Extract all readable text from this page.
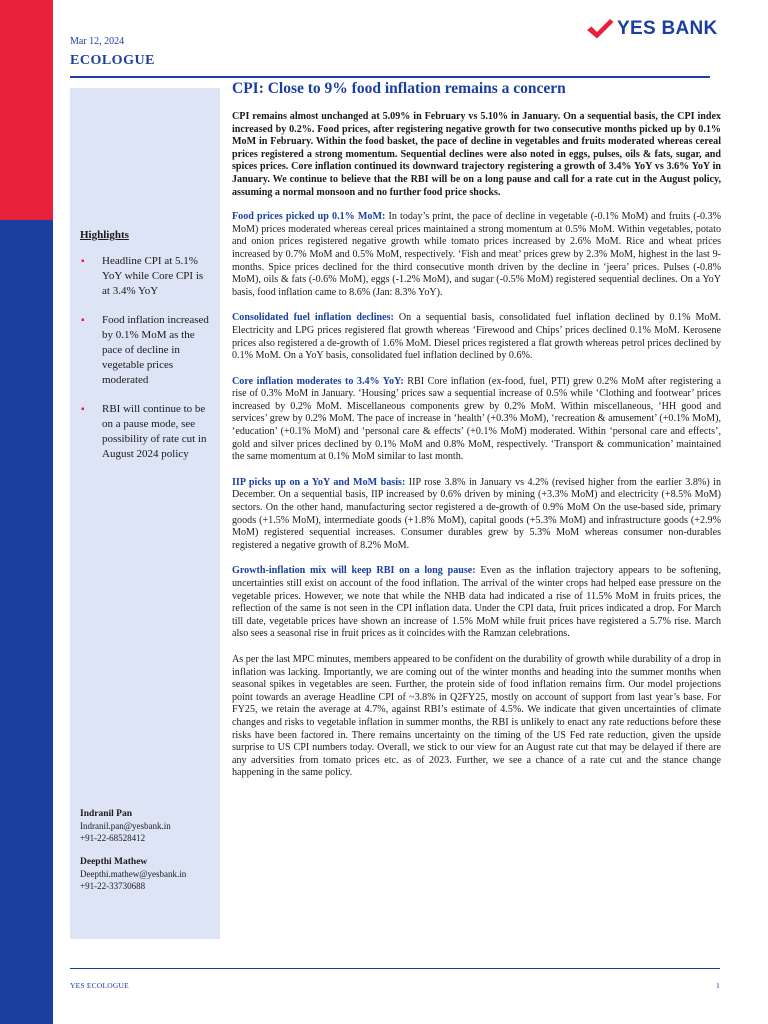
Mar 12, 2024
ECOLOGUE
YES BANK
CPI: Close to 9% food inflation remains a concern
Highlights
▪ Headline CPI at 5.1% YoY while Core CPI is at 3.4% YoY
▪ Food inflation increased by 0.1% MoM as the pace of decline in vegetable prices moderated
▪ RBI will continue to be on a pause mode, see possibility of rate cut in August 2024 policy
Indranil Pan
Indranil.pan@yesbank.in
+91-22-68528412
Deepthi Mathew
Deepthi.mathew@yesbank.in
+91-22-33730688

CPI remains almost unchanged at 5.09% in February vs 5.10% in January. On a sequential basis, the CPI index increased by 0.2%. Food prices, after registering negative growth for two consecutive months picked up by 0.1% MoM in February. Within the food basket, the pace of decline in vegetables and fruits moderated whereas cereal prices registered a strong momentum. Sequential declines were also noted in eggs, pulses, oils & fats, sugar, and spices prices. Core inflation continued its downward trajectory registering a growth of 3.4% YoY vs 3.6% YoY in January. We continue to believe that the RBI will be on a long pause and call for a rate cut in the August policy, assuming a normal monsoon and no further food price shocks.

Food prices picked up 0.1% MoM: In today’s print, the pace of decline in vegetable (-0.1% MoM) and fruits (-0.3% MoM) prices moderated whereas cereal prices maintained a strong momentum at 0.5% MoM. Within vegetables, potato and onion prices registered negative growth while tomato prices increased by 2.6% MoM. Rice and wheat prices increased by 0.7% MoM and 0.5% MoM, respectively. ‘Fish and meat’ prices grew by 2.3% MoM, highest in the last 9-months. Spice prices declined for the third consecutive month driven by the decline in ‘jeera’ prices. Pulses (-0.8% MoM), oils & fats (-0.6% MoM), eggs (-1.2% MoM), and sugar (-0.5% MoM) registered sequential declines. On a YoY basis, food inflation came to 8.6% (Jan: 8.3% YoY).

Consolidated fuel inflation declines: On a sequential basis, consolidated fuel inflation declined by 0.1% MoM. Electricity and LPG prices registered flat growth whereas ‘Firewood and Chips’ prices declined 0.1% MoM. Kerosene prices also registered a de-growth of 1.6% MoM. Diesel prices registered a flat growth whereas petrol prices declined by 0.1% MoM. On a YoY basis, consolidated fuel inflation declined by 0.6%.

Core inflation moderates to 3.4% YoY: RBI Core inflation (ex-food, fuel, PTI) grew 0.2% MoM after registering a rise of 0.3% MoM in January. ‘Housing’ prices saw a sequential increase of 0.5% while ‘Clothing and footwear’ prices increased by 0.2% MoM. Miscellaneous components grew by 0.2% MoM. Within miscellaneous, ‘HH good and services’ grew by 0.2% MoM. The pace of increase in ‘health’ (+0.3% MoM), ‘recreation & amusement’ (+0.1% MoM), ‘education’ (+0.1% MoM) and ‘personal care & effects’ (+0.1% MoM) moderated. Within ‘personal care and effects’, gold and silver prices declined by 0.1% MoM and 0.8% MoM, respectively. ‘Transport & communication’ maintained the same momentum at 0.1% MoM similar to last month.

IIP picks up on a YoY and MoM basis: IIP rose 3.8% in January vs 4.2% (revised higher from the earlier 3.8%) in December. On a sequential basis, IIP increased by 0.6% driven by mining (+3.3% MoM) and electricity (+8.5% MoM) sectors. On the other hand, manufacturing sector registered a de-growth of 0.9% MoM On the use-based side, primary goods (+1.5% MoM), intermediate goods (+1.8% MoM), capital goods (+5.3% MoM) and infrastructure goods (+2.9% MoM) registered sequential increases. Consumer durables grew by 5.3% MoM whereas consumer non-durables registered a negative growth of 8.2% MoM.

Growth-inflation mix will keep RBI on a long pause: Even as the inflation trajectory appears to be softening, uncertainties still exist on account of the food inflation. The arrival of the winter crops had helped ease pressure on the vegetable prices. However, we note that while the NHB data had indicated a rise of 11.5% MoM in fruits prices, the reflection of the same is not seen in the CPI inflation data. Under the CPI data, fruit prices indicated a drop. For March till date, vegetable prices have shown an increase of 1.5% MoM while fruit prices have registered a 5.7% rise. March also sees a seasonal rise in fruit prices as it coincides with the Ramzan celebrations.

As per the last MPC minutes, members appeared to be confident on the durability of growth while durability of a drop in inflation was lacking. Importantly, we are coming out of the winter months and heading into the summer months when seasonal spikes in vegetables are seen. Further, the protein side of food inflation remains firm. Our model projections point towards an average Headline CPI of ~3.8% in Q2FY25, mostly on account of support from last year’s base. For FY25, we retain the average at 4.7%, against RBI’s estimate of 4.5%. We indicate that given uncertainties of climate changes and risks to vegetable inflation in summer months, the RBI is unlikely to enact any rate reductions before these risks have been factored in. There remains uncertainty on the timing of the US Fed rate reduction, given the upside surprise to US CPI numbers today. Overall, we stick to our view for an August rate cut that may be delayed if there are any adversities from tomato prices etc. as of 2023. Further, we see a chance of a rate cut and the stance change happening in the same policy.

YES ECOLOGUE	1
